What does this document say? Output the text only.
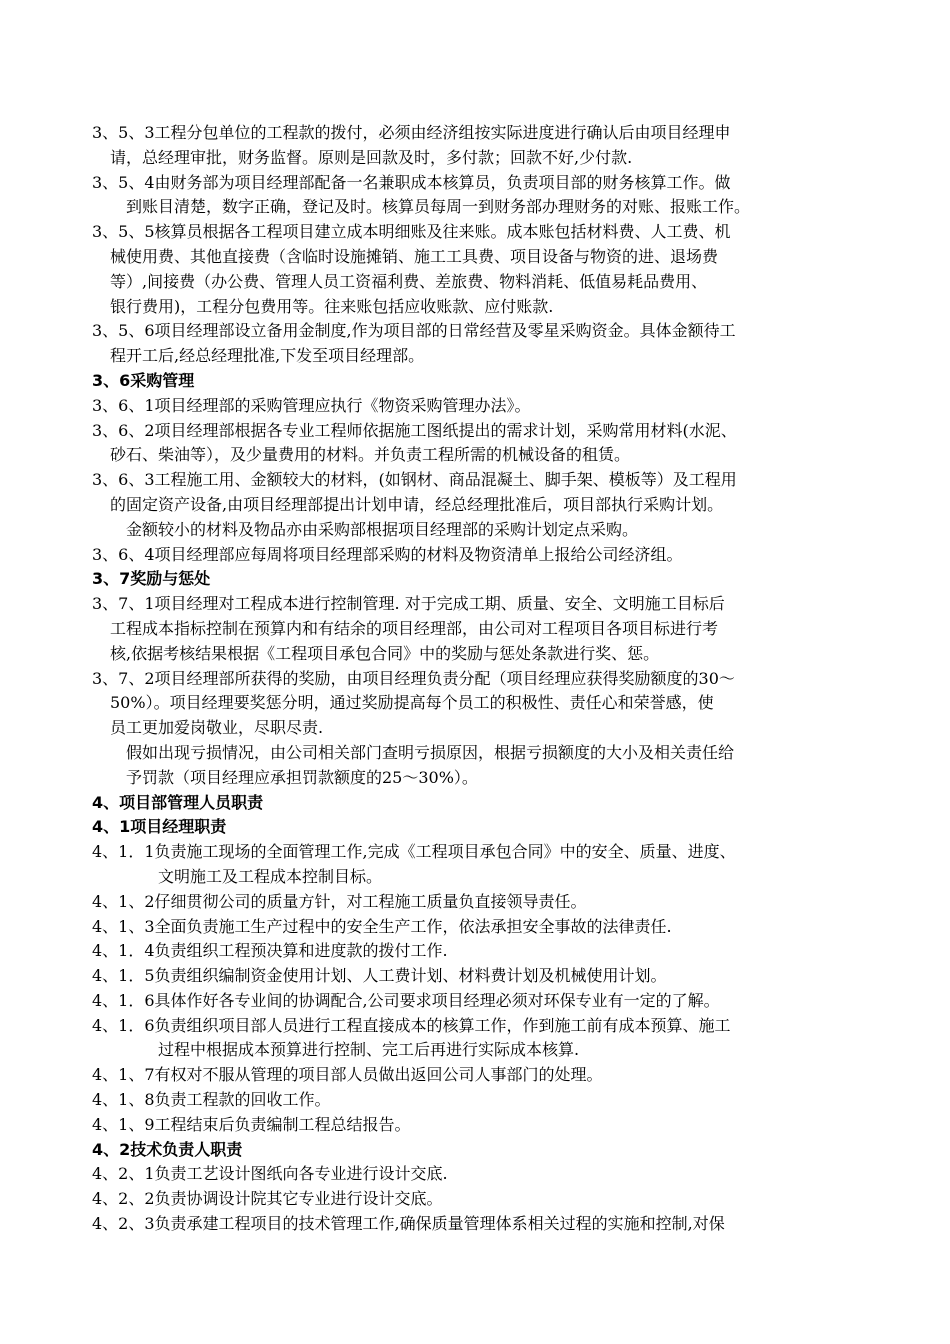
3、5、3工程分包单位的工程款的拨付，必须由经济组按实际进度进行确认后由项目经理申
请，总经理审批，财务监督。原则是回款及时，多付款；回款不好,少付款.
3、5、4由财务部为项目经理部配备一名兼职成本核算员，负责项目部的财务核算工作。做
到账目清楚，数字正确，登记及时。核算员每周一到财务部办理财务的对账、报账工作。
3、5、5核算员根据各工程项目建立成本明细账及往来账。成本账包括材料费、人工费、机
械使用费、其他直接费（含临时设施摊销、施工工具费、项目设备与物资的进、退场费
等）,间接费（办公费、管理人员工资福利费、差旅费、物料消耗、低值易耗品费用、
银行费用)，工程分包费用等。往来账包括应收账款、应付账款.
3、5、6项目经理部设立备用金制度,作为项目部的日常经营及零星采购资金。具体金额待工
程开工后,经总经理批准,下发至项目经理部。
3、6采购管理
3、6、1项目经理部的采购管理应执行《物资采购管理办法》。
3、6、2项目经理部根据各专业工程师依据施工图纸提出的需求计划，采购常用材料(水泥、
砂石、柴油等），及少量费用的材料。并负责工程所需的机械设备的租赁。
3、6、3工程施工用、金额较大的材料，(如钢材、商品混凝土、脚手架、模板等）及工程用
的固定资产设备,由项目经理部提出计划申请，经总经理批准后，项目部执行采购计划。
金额较小的材料及物品亦由采购部根据项目经理部的采购计划定点采购。
3、6、4项目经理部应每周将项目经理部采购的材料及物资清单上报给公司经济组。
3、7奖励与惩处
3、7、1项目经理对工程成本进行控制管理. 对于完成工期、质量、安全、文明施工目标后
工程成本指标控制在预算内和有结余的项目经理部，由公司对工程项目各项目标进行考
核,依据考核结果根据《工程项目承包合同》中的奖励与惩处条款进行奖、惩。
3、7、2项目经理部所获得的奖励，由项目经理负责分配（项目经理应获得奖励额度的30～
50%）。项目经理要奖惩分明，通过奖励提高每个员工的积极性、责任心和荣誉感，使
员工更加爱岗敬业，尽职尽责.
假如出现亏损情况，由公司相关部门查明亏损原因，根据亏损额度的大小及相关责任给
予罚款（项目经理应承担罚款额度的25～30%）。
4、项目部管理人员职责
4、1项目经理职责
4、1．1负责施工现场的全面管理工作,完成《工程项目承包合同》中的安全、质量、进度、
文明施工及工程成本控制目标。
4、1、2仔细贯彻公司的质量方针，对工程施工质量负直接领导责任。
4、1、3全面负责施工生产过程中的安全生产工作，依法承担安全事故的法律责任.
4、1．4负责组织工程预决算和进度款的拨付工作.
4、1．5负责组织编制资金使用计划、人工费计划、材料费计划及机械使用计划。
4、1．6具体作好各专业间的协调配合,公司要求项目经理必须对环保专业有一定的了解。
4、1．6负责组织项目部人员进行工程直接成本的核算工作，作到施工前有成本预算、施工
过程中根据成本预算进行控制、完工后再进行实际成本核算.
4、1、7有权对不服从管理的项目部人员做出返回公司人事部门的处理。
4、1、8负责工程款的回收工作。
4、1、9工程结束后负责编制工程总结报告。
4、2技术负责人职责
4、2、1负责工艺设计图纸向各专业进行设计交底.
4、2、2负责协调设计院其它专业进行设计交底。
4、2、3负责承建工程项目的技术管理工作,确保质量管理体系相关过程的实施和控制,对保
